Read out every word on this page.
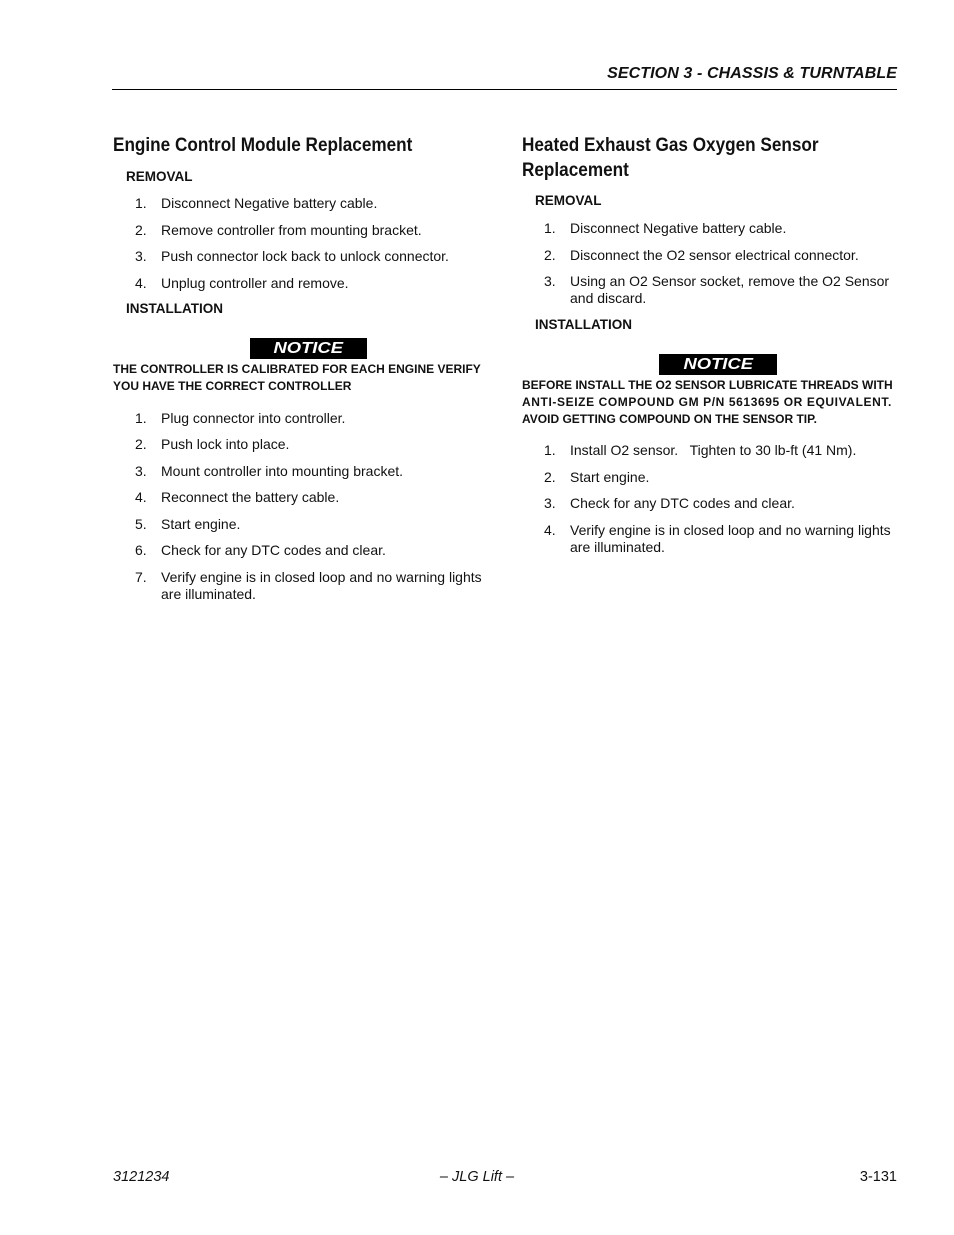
SECTION 3 - CHASSIS & TURNTABLE
Engine Control Module Replacement
REMOVAL
1. Disconnect Negative battery cable.
2. Remove controller from mounting bracket.
3. Push connector lock back to unlock connector.
4. Unplug controller and remove.
INSTALLATION
NOTICE
THE CONTROLLER IS CALIBRATED FOR EACH ENGINE VERIFY
YOU HAVE THE CORRECT CONTROLLER
1. Plug connector into controller.
2. Push lock into place.
3. Mount controller into mounting bracket.
4. Reconnect the battery cable.
5. Start engine.
6. Check for any DTC codes and clear.
7. Verify engine is in closed loop and no warning lights are illuminated.
Heated Exhaust Gas Oxygen Sensor
Replacement
REMOVAL
1. Disconnect Negative battery cable.
2. Disconnect the O2 sensor electrical connector.
3. Using an O2 Sensor socket, remove the O2 Sensor and discard.
INSTALLATION
NOTICE
BEFORE INSTALL THE O2 SENSOR LUBRICATE THREADS WITH
ANTI-SEIZE COMPOUND GM P/N 5613695 OR EQUIVALENT.
AVOID GETTING COMPOUND ON THE SENSOR TIP.
1. Install O2 sensor.   Tighten to 30 lb-ft (41 Nm).
2. Start engine.
3. Check for any DTC codes and clear.
4. Verify engine is in closed loop and no warning lights are illuminated.
3121234	– JLG Lift –	3-131
